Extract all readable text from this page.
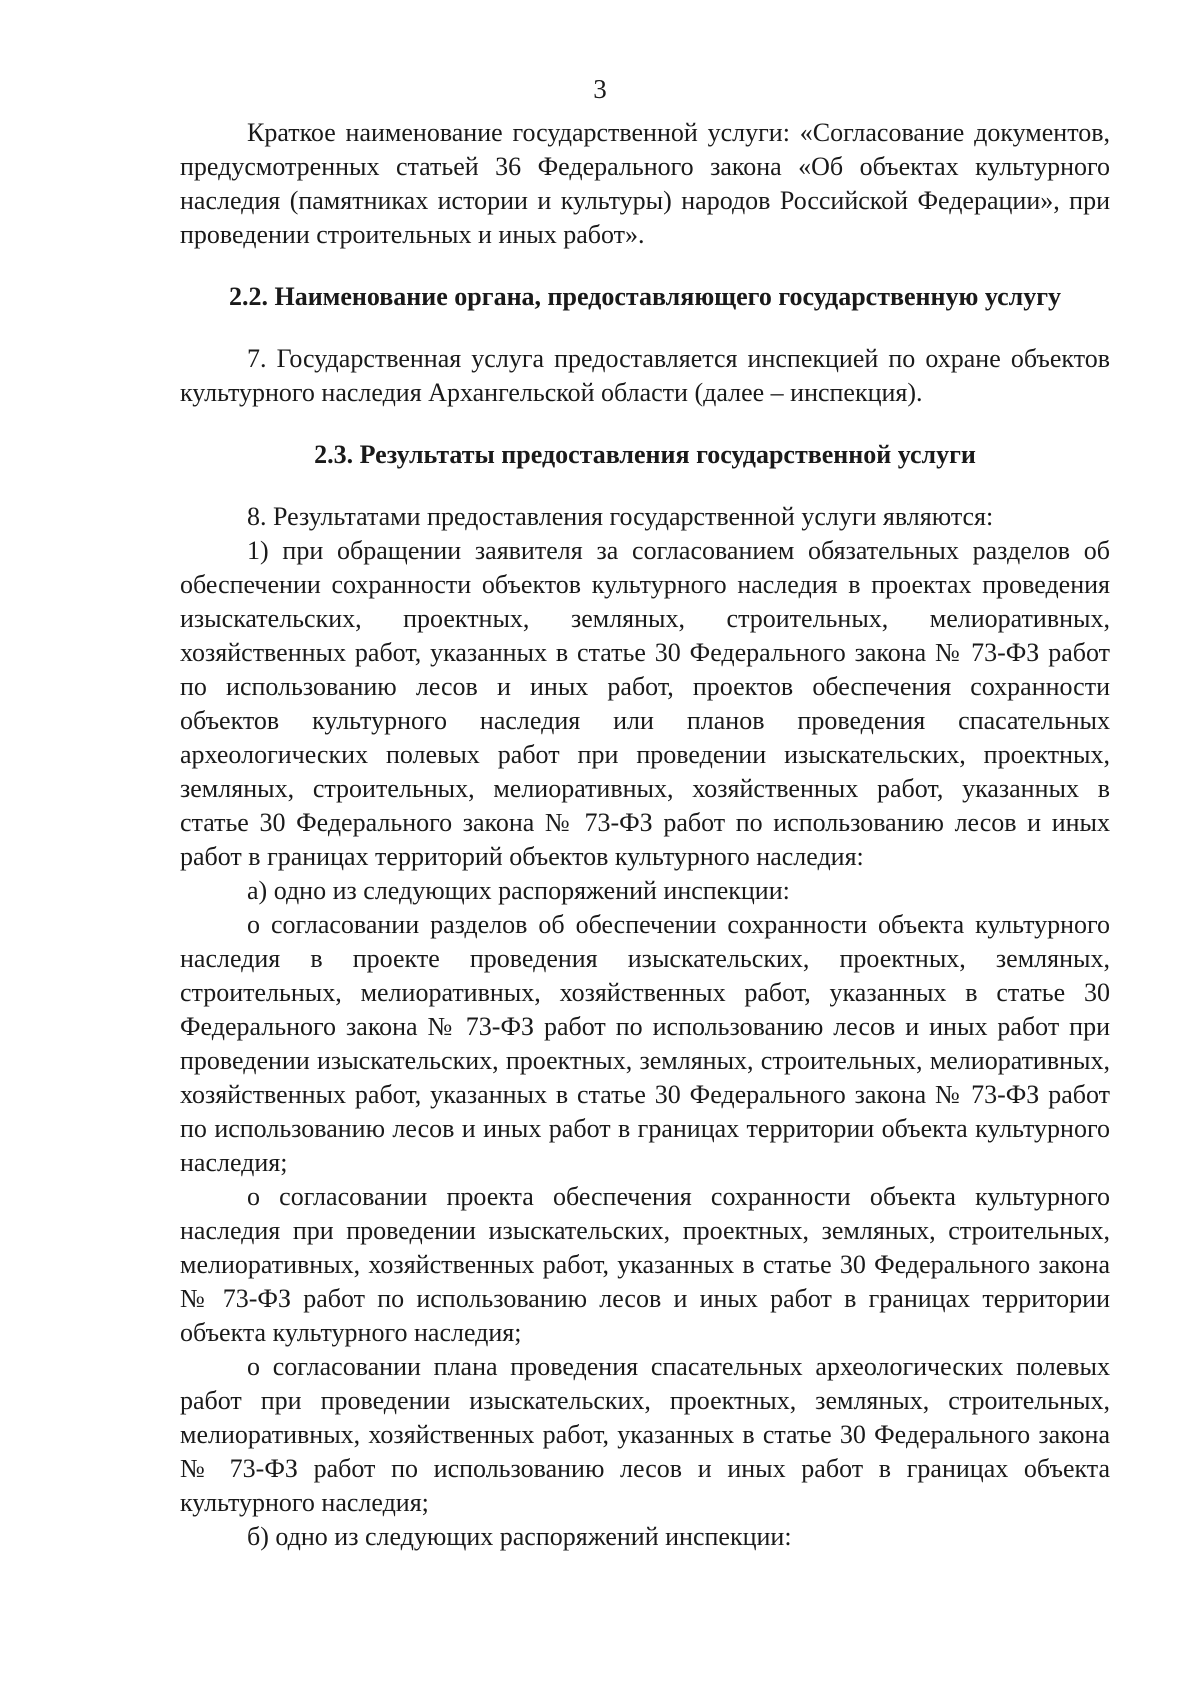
3

Краткое наименование государственной услуги: «Согласование документов, предусмотренных статьей 36 Федерального закона «Об объектах культурного наследия (памятниках истории и культуры) народов Российской Федерации», при проведении строительных и иных работ».

2.2. Наименование органа, предоставляющего государственную услугу

7. Государственная услуга предоставляется инспекцией по охране объектов культурного наследия Архангельской области (далее – инспекция).

2.3. Результаты предоставления государственной услуги

8. Результатами предоставления государственной услуги являются:

1) при обращении заявителя за согласованием обязательных разделов об обеспечении сохранности объектов культурного наследия в проектах проведения изыскательских, проектных, земляных, строительных, мелиоративных, хозяйственных работ, указанных в статье 30 Федерального закона № 73-ФЗ работ по использованию лесов и иных работ, проектов обеспечения сохранности объектов культурного наследия или планов проведения спасательных археологических полевых работ при проведении изыскательских, проектных, земляных, строительных, мелиоративных, хозяйственных работ, указанных в статье 30 Федерального закона № 73-ФЗ работ по использованию лесов и иных работ в границах территорий объектов культурного наследия:

а) одно из следующих распоряжений инспекции:

о согласовании разделов об обеспечении сохранности объекта культурного наследия в проекте проведения изыскательских, проектных, земляных, строительных, мелиоративных, хозяйственных работ, указанных в статье 30 Федерального закона № 73-ФЗ работ по использованию лесов и иных работ при проведении изыскательских, проектных, земляных, строительных, мелиоративных, хозяйственных работ, указанных в статье 30 Федерального закона № 73-ФЗ работ по использованию лесов и иных работ в границах территории объекта культурного наследия;

о согласовании проекта обеспечения сохранности объекта культурного наследия при проведении изыскательских, проектных, земляных, строительных, мелиоративных, хозяйственных работ, указанных в статье 30 Федерального закона № 73-ФЗ работ по использованию лесов и иных работ в границах территории объекта культурного наследия;

о согласовании плана проведения спасательных археологических полевых работ при проведении изыскательских, проектных, земляных, строительных, мелиоративных, хозяйственных работ, указанных в статье 30 Федерального закона № 73-ФЗ работ по использованию лесов и иных работ в границах объекта культурного наследия;

б) одно из следующих распоряжений инспекции:
